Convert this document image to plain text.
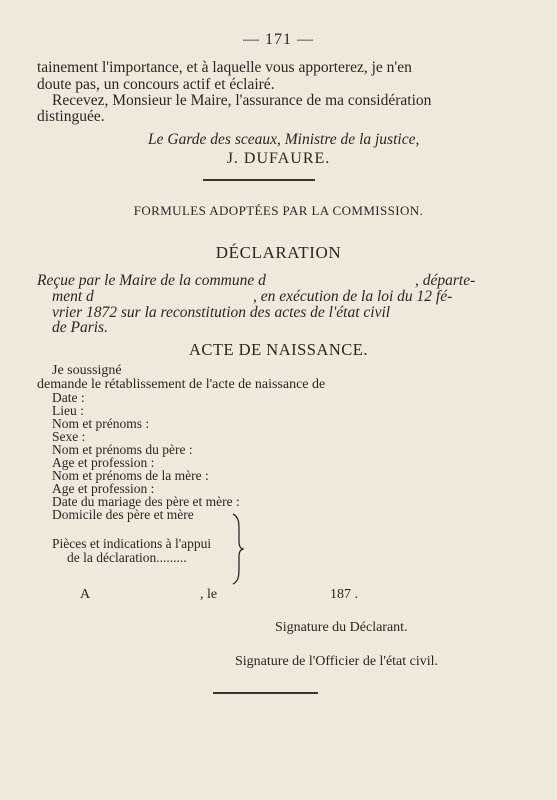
— 171 —
tainement l'importance, et à laquelle vous apporterez, je n'en
doute pas, un concours actif et éclairé.
Recevez, Monsieur le Maire, l'assurance de ma considération
distinguée.
Le Garde des sceaux, Ministre de la justice,
J. DUFAURE.
FORMULES ADOPTÉES PAR LA COMMISSION.
DÉCLARATION
Reçue par le Maire de la commune d	, départe-
ment d	, en exécution de la loi du 12 fé-
vrier 1872 sur la reconstitution des actes de l'état civil
de Paris.
ACTE DE NAISSANCE.
Je soussigné
demande le rétablissement de l'acte de naissance de
Date :
Lieu :
Nom et prénoms :
Sexe :
Nom et prénoms du père :
Age et profession :
Nom et prénoms de la mère :
Age et profession :
Date du mariage des père et mère :
Domicile des père et mère
Pièces et indications à l'appui
de la déclaration.........
A	, le	187 .
Signature du Déclarant.
Signature de l'Officier de l'état civil.
